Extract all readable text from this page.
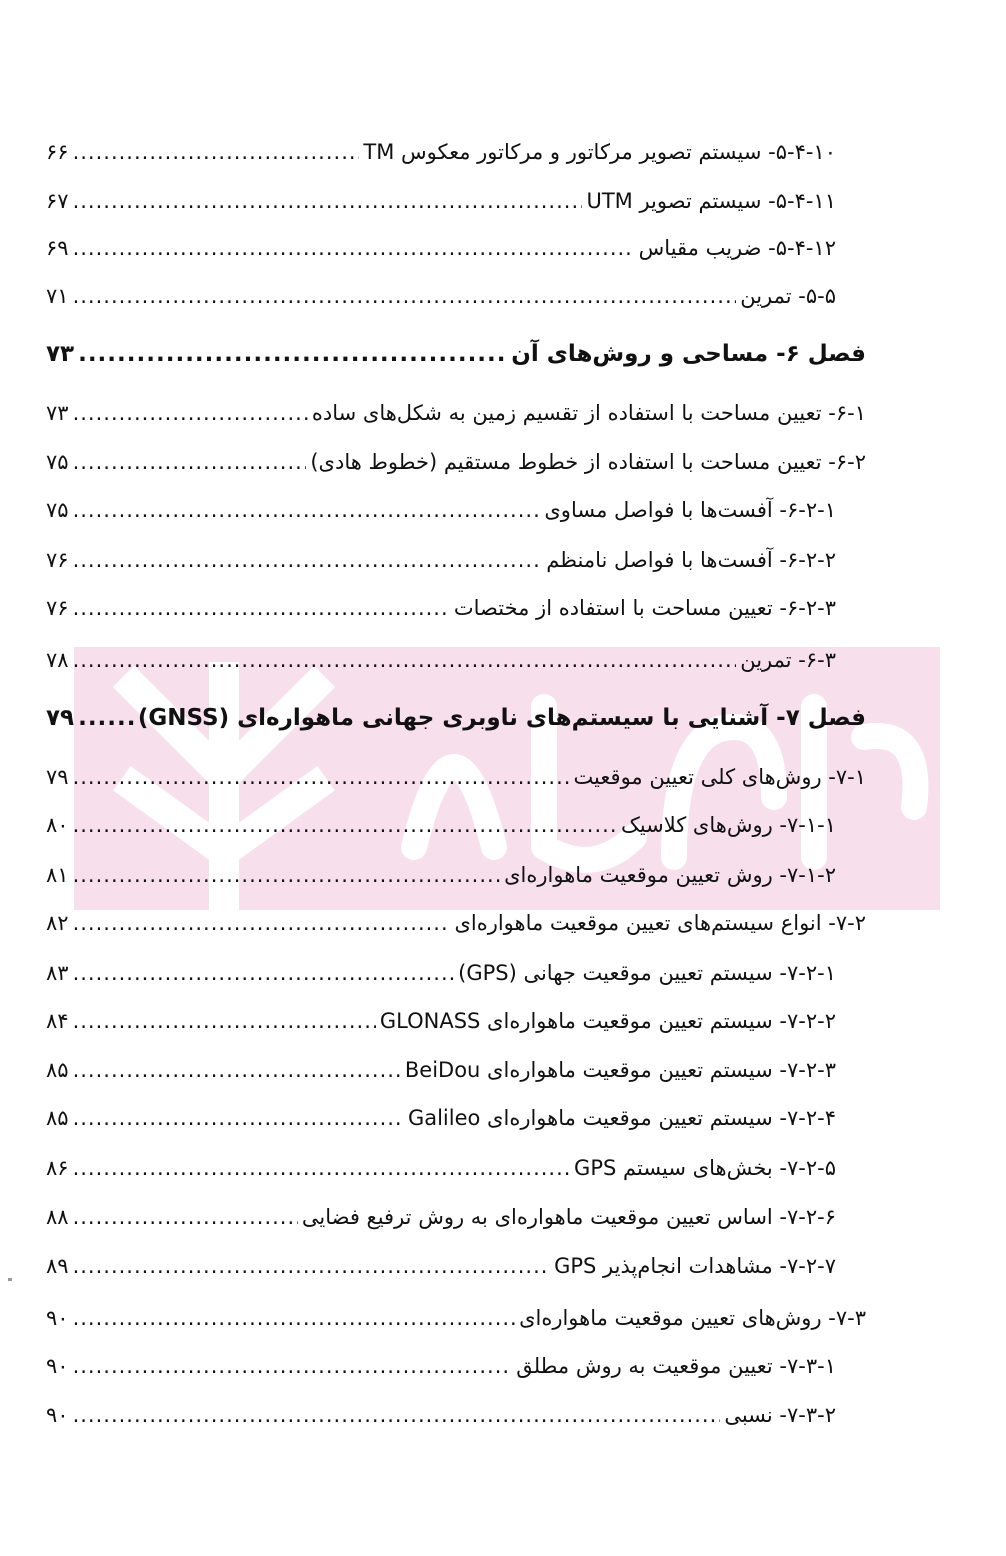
۵-۴-۱۰- سیستم تصویر مرکاتور و مرکاتور معکوس TM
.....
۶۶
۵-۴-۱۱- سیستم تصویر UTM
.....
۶۷
۵-۴-۱۲- ضریب مقیاس
.....
۶۹
۵-۵- تمرین
.....
۷۱
فصل ۶- مساحی و روش‌های آن
.....
۷۳
۶-۱- تعیین مساحت با استفاده از تقسیم زمین به شکل‌های ساده
.....
۷۳
۶-۲- تعیین مساحت با استفاده از خطوط مستقیم (خطوط هادی)
.....
۷۵
۶-۲-۱- آفست‌ها با فواصل مساوی
.....
۷۵
۶-۲-۲- آفست‌ها با فواصل نامنظم
.....
۷۶
۶-۲-۳- تعیین مساحت با استفاده از مختصات
.....
۷۶
۶-۳- تمرین
.....
۷۸
فصل ۷- آشنایی با سیستم‌های ناوبری جهانی ماهواره‌ای (GNSS)
.....
۷۹
۷-۱- روش‌های کلی تعیین موقعیت
.....
۷۹
۷-۱-۱- روش‌های کلاسیک
.....
۸۰
۷-۱-۲- روش تعیین موقعیت ماهواره‌ای
.....
۸۱
۷-۲- انواع سیستم‌های تعیین موقعیت ماهواره‌ای
.....
۸۲
۷-۲-۱- سیستم تعیین موقعیت جهانی (GPS)
.....
۸۳
۷-۲-۲- سیستم تعیین موقعیت ماهواره‌ای GLONASS
.....
۸۴
۷-۲-۳- سیستم تعیین موقعیت ماهواره‌ای BeiDou
.....
۸۵
۷-۲-۴- سیستم تعیین موقعیت ماهواره‌ای Galileo
.....
۸۵
۷-۲-۵- بخش‌های سیستم GPS
.....
۸۶
۷-۲-۶- اساس تعیین موقعیت ماهواره‌ای به روش ترفیع فضایی
.....
۸۸
۷-۲-۷- مشاهدات انجام‌پذیر GPS
.....
۸۹
۷-۳- روش‌های تعیین موقعیت ماهواره‌ای
.....
۹۰
۷-۳-۱- تعیین موقعیت به روش مطلق
.....
۹۰
۷-۳-۲- نسبی
.....
۹۰
